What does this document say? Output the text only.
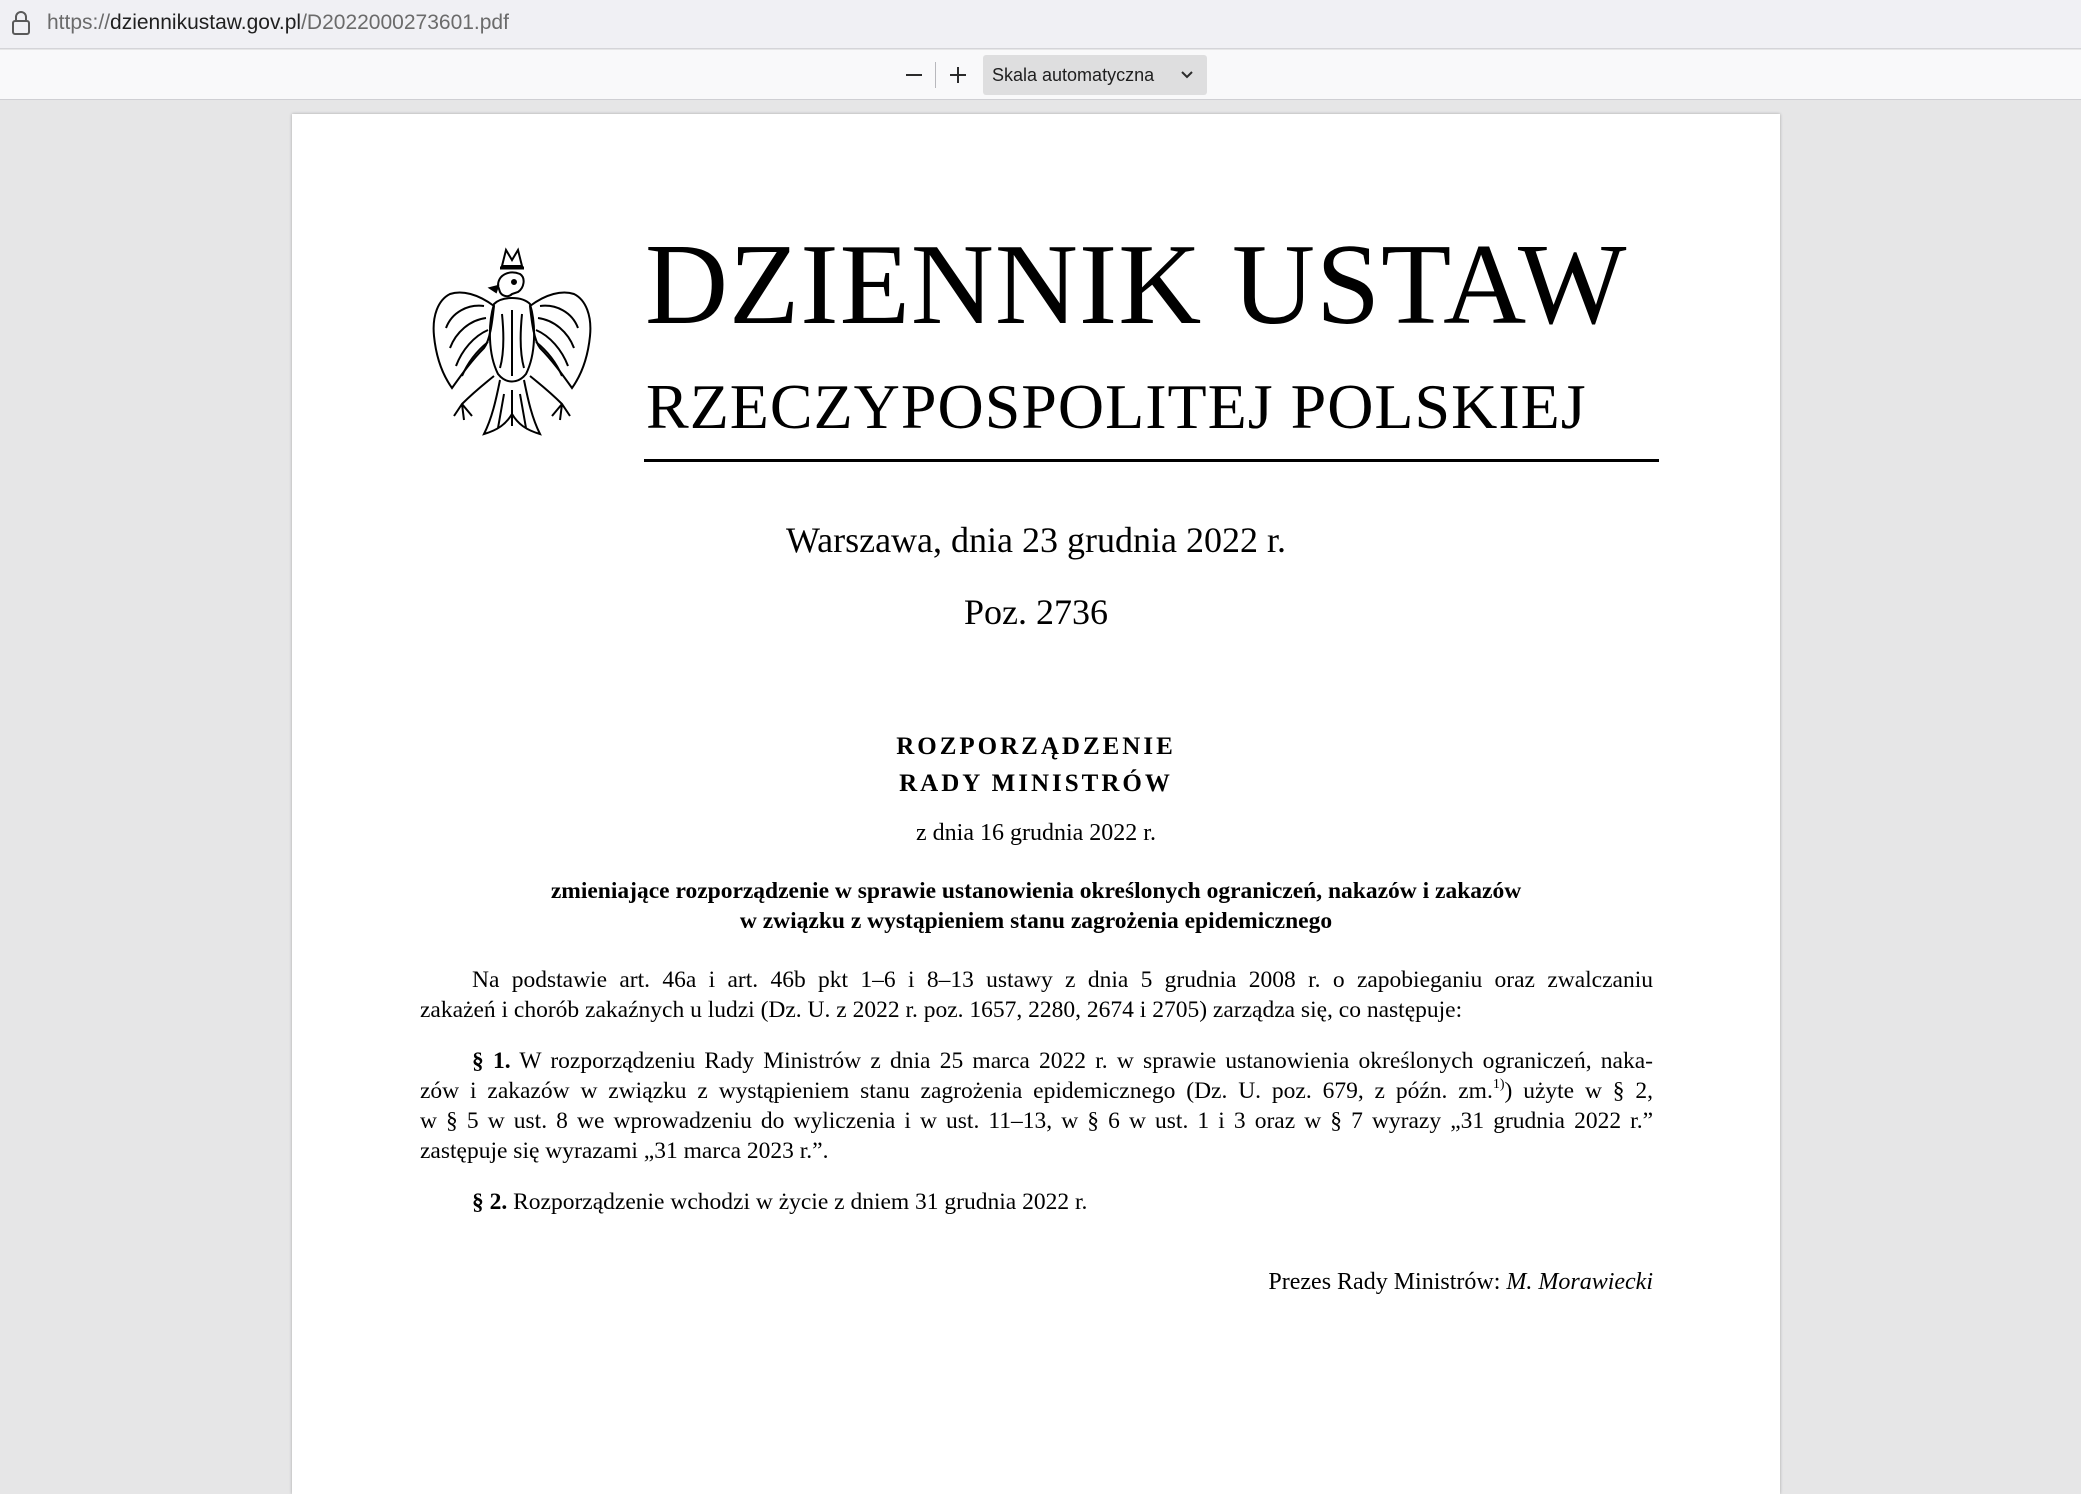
https://dziennikustaw.gov.pl/D2022000273601.pdf
Skala automatyczna
DZIENNIK USTAW
RZECZYPOSPOLITEJ POLSKIEJ
Warszawa, dnia 23 grudnia 2022 r.
Poz. 2736
ROZPORZĄDZENIE
RADY MINISTRÓW
z dnia 16 grudnia 2022 r.
zmieniające rozporządzenie w sprawie ustanowienia określonych ograniczeń, nakazów i zakazów
w związku z wystąpieniem stanu zagrożenia epidemicznego
Na podstawie art. 46a i art. 46b pkt 1–6 i 8–13 ustawy z dnia 5 grudnia 2008 r. o zapobieganiu oraz zwalczaniu
zakażeń i chorób zakaźnych u ludzi (Dz. U. z 2022 r. poz. 1657, 2280, 2674 i 2705) zarządza się, co następuje:
§ 1. W rozporządzeniu Rady Ministrów z dnia 25 marca 2022 r. w sprawie ustanowienia określonych ograniczeń, naka-
zów i zakazów w związku z wystąpieniem stanu zagrożenia epidemicznego (Dz. U. poz. 679, z późn. zm.$^{1)}$) użyte w § 2,
w § 5 w ust. 8 we wprowadzeniu do wyliczenia i w ust. 11–13, w § 6 w ust. 1 i 3 oraz w § 7 wyrazy „31 grudnia 2022 r.”
zastępuje się wyrazami „31 marca 2023 r.”.
§ 2. Rozporządzenie wchodzi w życie z dniem 31 grudnia 2022 r.
Prezes Rady Ministrów: M. Morawiecki
